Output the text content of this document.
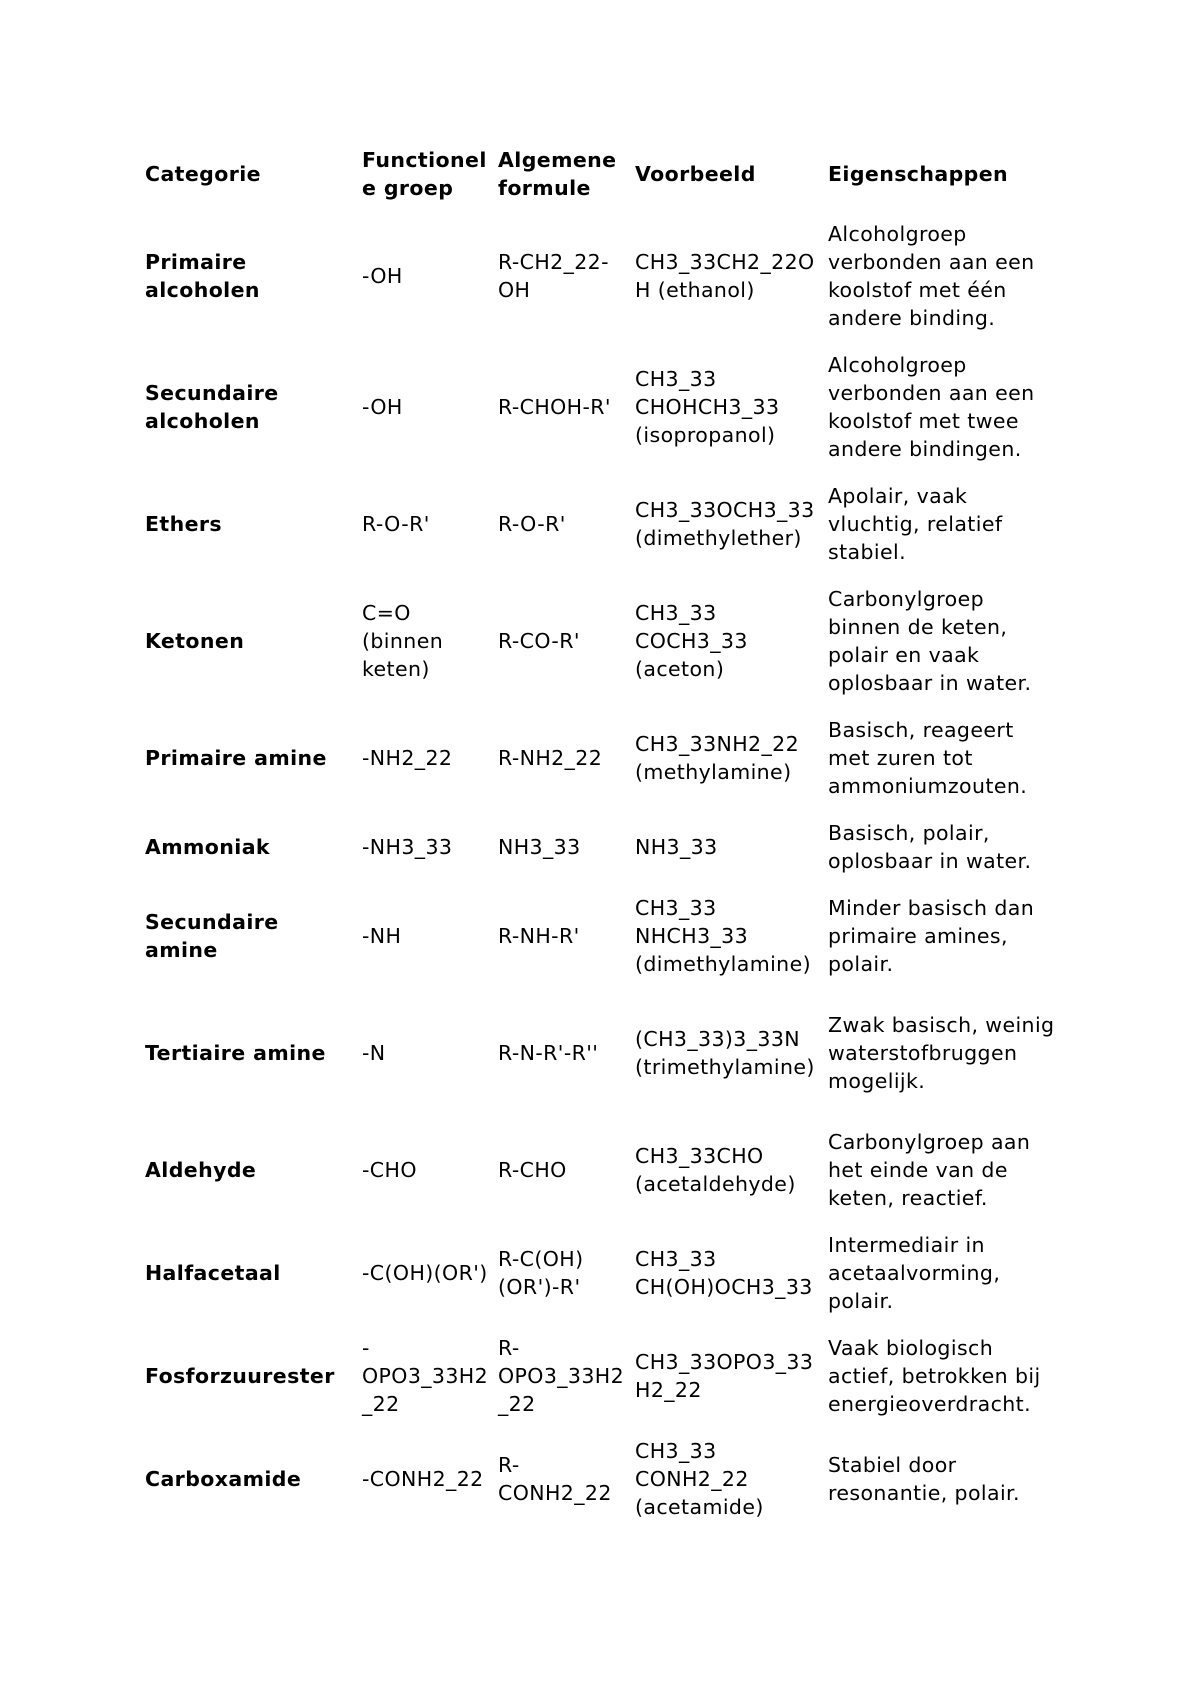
Categorie	Functionele groep	Algemene formule	Voorbeeld	Eigenschappen
Primaire alcoholen	-OH	R-CH2_22-OH	CH3_33CH2_22OH (ethanol)	Alcoholgroep verbonden aan een koolstof met één andere binding.
Secundaire alcoholen	-OH	R-CHOH-R'	CH3_33 CHOHCH3_33 (isopropanol)	Alcoholgroep verbonden aan een koolstof met twee andere bindingen.
Ethers	R-O-R'	R-O-R'	CH3_33OCH3_33 (dimethylether)	Apolair, vaak vluchtig, relatief stabiel.
Ketonen	C=O (binnen keten)	R-CO-R'	CH3_33 COCH3_33 (aceton)	Carbonylgroep binnen de keten, polair en vaak oplosbaar in water.
Primaire amine	-NH2_22	R-NH2_22	CH3_33NH2_22 (methylamine)	Basisch, reageert met zuren tot ammoniumzouten.
Ammoniak	-NH3_33	NH3_33	NH3_33	Basisch, polair, oplosbaar in water.
Secundaire amine	-NH	R-NH-R'	CH3_33 NHCH3_33 (dimethylamine)	Minder basisch dan primaire amines, polair.
Tertiaire amine	-N	R-N-R'-R''	(CH3_33)3_33N (trimethylamine)	Zwak basisch, weinig waterstofbruggen mogelijk.
Aldehyde	-CHO	R-CHO	CH3_33CHO (acetaldehyde)	Carbonylgroep aan het einde van de keten, reactief.
Halfacetaal	-C(OH)(OR')	R-C(OH)(OR')-R'	CH3_33 CH(OH)OCH3_33	Intermediair in acetaalvorming, polair.
Fosforzuurester	-OPO3_33H2_22	R-OPO3_33H2_22	CH3_33OPO3_33H2_22	Vaak biologisch actief, betrokken bij energieoverdracht.
Carboxamide	-CONH2_22	R-CONH2_22	CH3_33 CONH2_22 (acetamide)	Stabiel door resonantie, polair.
